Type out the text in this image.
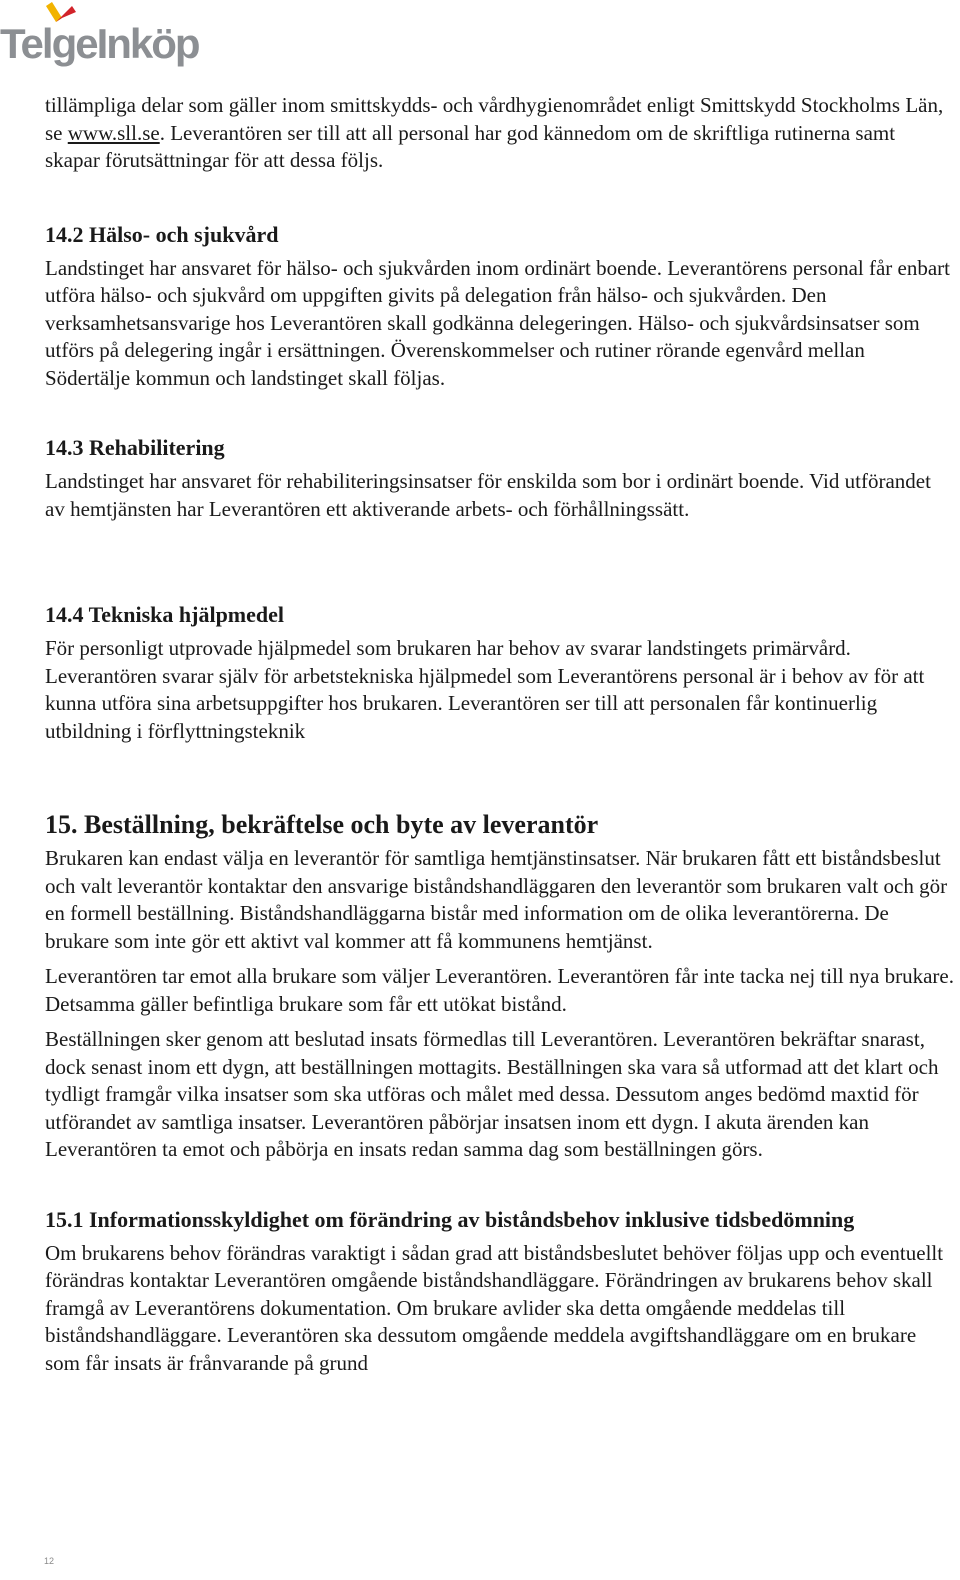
TelgeInköp

tillämpliga delar som gäller inom smittskydds- och vårdhygienområdet enligt Smittskydd Stockholms Län, se www.sll.se. Leverantören ser till att all personal har god kännedom om de skriftliga rutinerna samt skapar förutsättningar för att dessa följs.

14.2 Hälso- och sjukvård

Landstinget har ansvaret för hälso- och sjukvården inom ordinärt boende. Leverantörens personal får enbart utföra hälso- och sjukvård om uppgiften givits på delegation från hälso- och sjukvården. Den verksamhetsansvarige hos Leverantören skall godkänna delegeringen. Hälso- och sjukvårdsinsatser som utförs på delegering ingår i ersättningen. Överenskommelser och rutiner rörande egenvård mellan Södertälje kommun och landstinget skall följas.

14.3 Rehabilitering

Landstinget har ansvaret för rehabiliteringsinsatser för enskilda som bor i ordinärt boende. Vid utförandet av hemtjänsten har Leverantören ett aktiverande arbets- och förhållningssätt.

14.4 Tekniska hjälpmedel

För personligt utprovade hjälpmedel som brukaren har behov av svarar landstingets primärvård. Leverantören svarar själv för arbetstekniska hjälpmedel som Leverantörens personal är i behov av för att kunna utföra sina arbetsuppgifter hos brukaren. Leverantören ser till att personalen får kontinuerlig utbildning i förflyttningsteknik

15. Beställning, bekräftelse och byte av leverantör

Brukaren kan endast välja en leverantör för samtliga hemtjänstinsatser. När brukaren fått ett biståndsbeslut och valt leverantör kontaktar den ansvarige biståndshandläggaren den leverantör som brukaren valt och gör en formell beställning. Biståndshandläggarna bistår med information om de olika leverantörerna. De brukare som inte gör ett aktivt val kommer att få kommunens hemtjänst.

Leverantören tar emot alla brukare som väljer Leverantören. Leverantören får inte tacka nej till nya brukare. Detsamma gäller befintliga brukare som får ett utökat bistånd.

Beställningen sker genom att beslutad insats förmedlas till Leverantören. Leverantören bekräftar snarast, dock senast inom ett dygn, att beställningen mottagits. Beställningen ska vara så utformad att det klart och tydligt framgår vilka insatser som ska utföras och målet med dessa. Dessutom anges bedömd maxtid för utförandet av samtliga insatser. Leverantören påbörjar insatsen inom ett dygn. I akuta ärenden kan Leverantören ta emot och påbörja en insats redan samma dag som beställningen görs.

15.1 Informationsskyldighet om förändring av biståndsbehov inklusive tidsbedömning

Om brukarens behov förändras varaktigt i sådan grad att biståndsbeslutet behöver följas upp och eventuellt förändras kontaktar Leverantören omgående biståndshandläggare. Förändringen av brukarens behov skall framgå av Leverantörens dokumentation. Om brukare avlider ska detta omgående meddelas till biståndshandläggare. Leverantören ska dessutom omgående meddela avgiftshandläggare om en brukare som får insats är frånvarande på grund

12
